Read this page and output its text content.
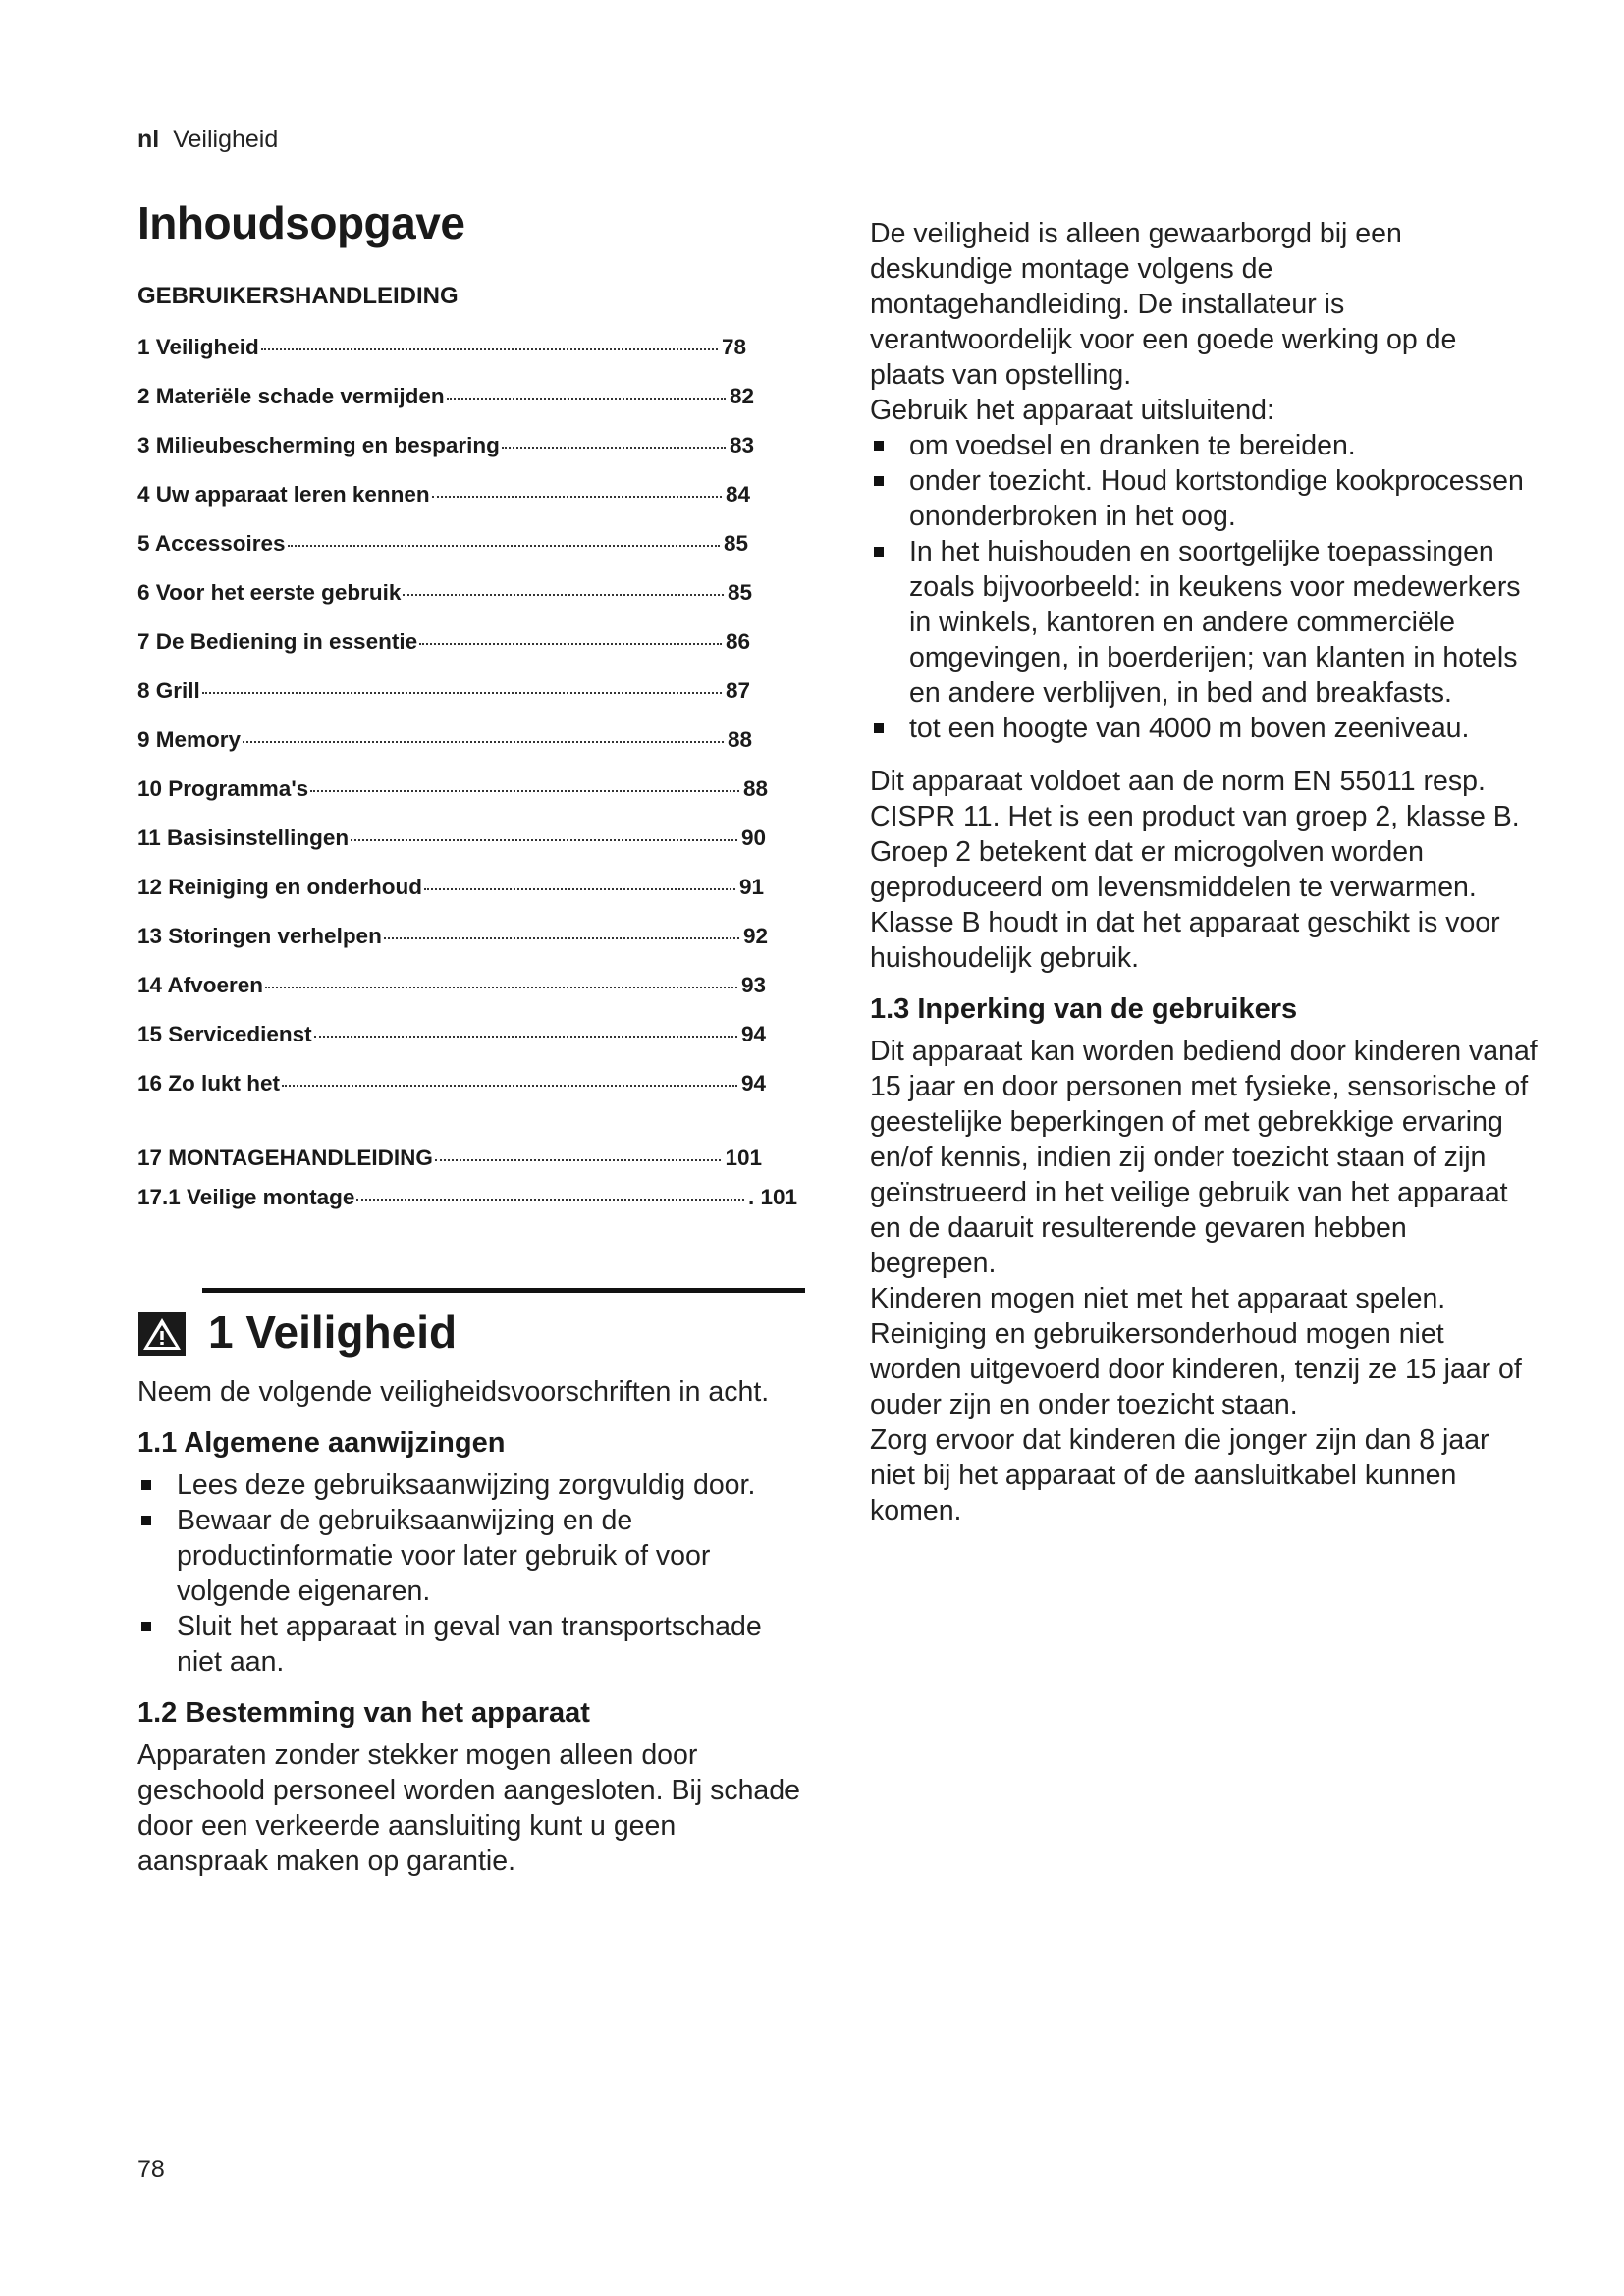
nl Veiligheid
Inhoudsopgave
GEBRUIKERSHANDLEIDING
1 Veiligheid	78
2 Materiële schade vermijden	82
3 Milieubescherming en besparing	83
4 Uw apparaat leren kennen	84
5 Accessoires	85
6 Voor het eerste gebruik	85
7 De Bediening in essentie	86
8 Grill	87
9 Memory	88
10 Programma's	88
11 Basisinstellingen	90
12 Reiniging en onderhoud	91
13 Storingen verhelpen	92
14 Afvoeren	93
15 Servicedienst	94
16 Zo lukt het	94
17 MONTAGEHANDLEIDING	101
17.1 Veilige montage	. 101
1 Veiligheid

Neem de volgende veiligheidsvoorschriften in acht.

1.1 Algemene aanwijzingen
Lees deze gebruiksaanwijzing zorgvuldig door.
Bewaar de gebruiksaanwijzing en de productinformatie voor later gebruik of voor volgende eigenaren.
Sluit het apparaat in geval van transportschade niet aan.
1.2 Bestemming van het apparaat

Apparaten zonder stekker mogen alleen door geschoold personeel worden aangesloten. Bij schade door een verkeerde aansluiting kunt u geen aanspraak maken op garantie.

De veiligheid is alleen gewaarborgd bij een deskundige montage volgens de montagehandleiding. De installateur is verantwoordelijk voor een goede werking op de plaats van opstelling.

Gebruik het apparaat uitsluitend:

om voedsel en dranken te bereiden.
onder toezicht. Houd kortstondige kookprocessen ononderbroken in het oog.
In het huishouden en soortgelijke toepassingen zoals bijvoorbeeld: in keukens voor medewerkers in winkels, kantoren en andere commerciële omgevingen, in boerderijen; van klanten in hotels en andere verblijven, in bed and breakfasts.
tot een hoogte van 4000 m boven zeeniveau.

Dit apparaat voldoet aan de norm EN 55011 resp. CISPR 11. Het is een product van groep 2, klasse B. Groep 2 betekent dat er microgolven worden geproduceerd om levensmiddelen te verwarmen. Klasse B houdt in dat het apparaat geschikt is voor huishoudelijk gebruik.

1.3 Inperking van de gebruikers

Dit apparaat kan worden bediend door kinderen vanaf 15 jaar en door personen met fysieke, sensorische of geestelijke beperkingen of met gebrekkige ervaring en/of kennis, indien zij onder toezicht staan of zijn geïnstrueerd in het veilige gebruik van het apparaat en de daaruit resulterende gevaren hebben begrepen.

Kinderen mogen niet met het apparaat spelen.

Reiniging en gebruikersonderhoud mogen niet worden uitgevoerd door kinderen, tenzij ze 15 jaar of ouder zijn en onder toezicht staan.

Zorg ervoor dat kinderen die jonger zijn dan 8 jaar niet bij het apparaat of de aansluitkabel kunnen komen.

78
